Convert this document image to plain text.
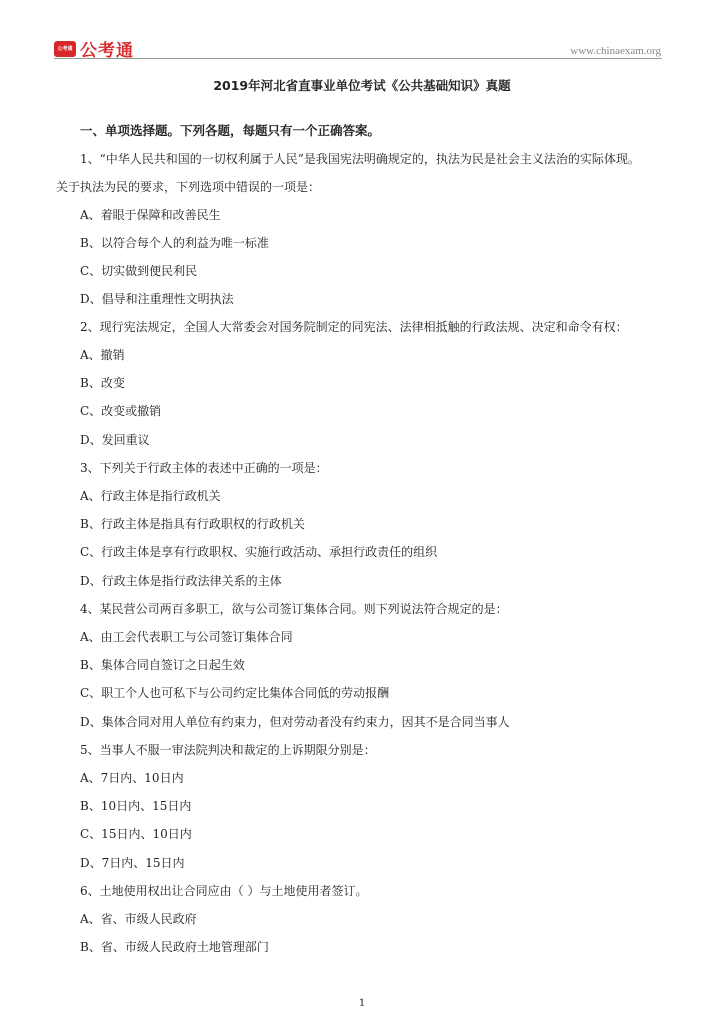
公考通 公考通	www.chinaexam.org
2019年河北省直事业单位考试《公共基础知识》真题
一、单项选择题。下列各题，每题只有一个正确答案。
1、“中华人民共和国的一切权利属于人民”是我国宪法明确规定的，执法为民是社会主义法治的实际体现。
关于执法为民的要求，下列选项中错误的一项是：
A、着眼于保障和改善民生
B、以符合每个人的利益为唯一标准
C、切实做到便民利民
D、倡导和注重理性文明执法
2、现行宪法规定，全国人大常委会对国务院制定的同宪法、法律相抵触的行政法规、决定和命令有权：
A、撤销
B、改变
C、改变或撤销
D、发回重议
3、下列关于行政主体的表述中正确的一项是：
A、行政主体是指行政机关
B、行政主体是指具有行政职权的行政机关
C、行政主体是享有行政职权、实施行政活动、承担行政责任的组织
D、行政主体是指行政法律关系的主体
4、某民营公司两百多职工，欲与公司签订集体合同。则下列说法符合规定的是：
A、由工会代表职工与公司签订集体合同
B、集体合同自签订之日起生效
C、职工个人也可私下与公司约定比集体合同低的劳动报酬
D、集体合同对用人单位有约束力，但对劳动者没有约束力，因其不是合同当事人
5、当事人不服一审法院判决和裁定的上诉期限分别是：
A、7日内、10日内
B、10日内、15日内
C、15日内、10日内
D、7日内、15日内
6、土地使用权出让合同应由（ ）与土地使用者签订。
A、省、市级人民政府
B、省、市级人民政府土地管理部门
1
